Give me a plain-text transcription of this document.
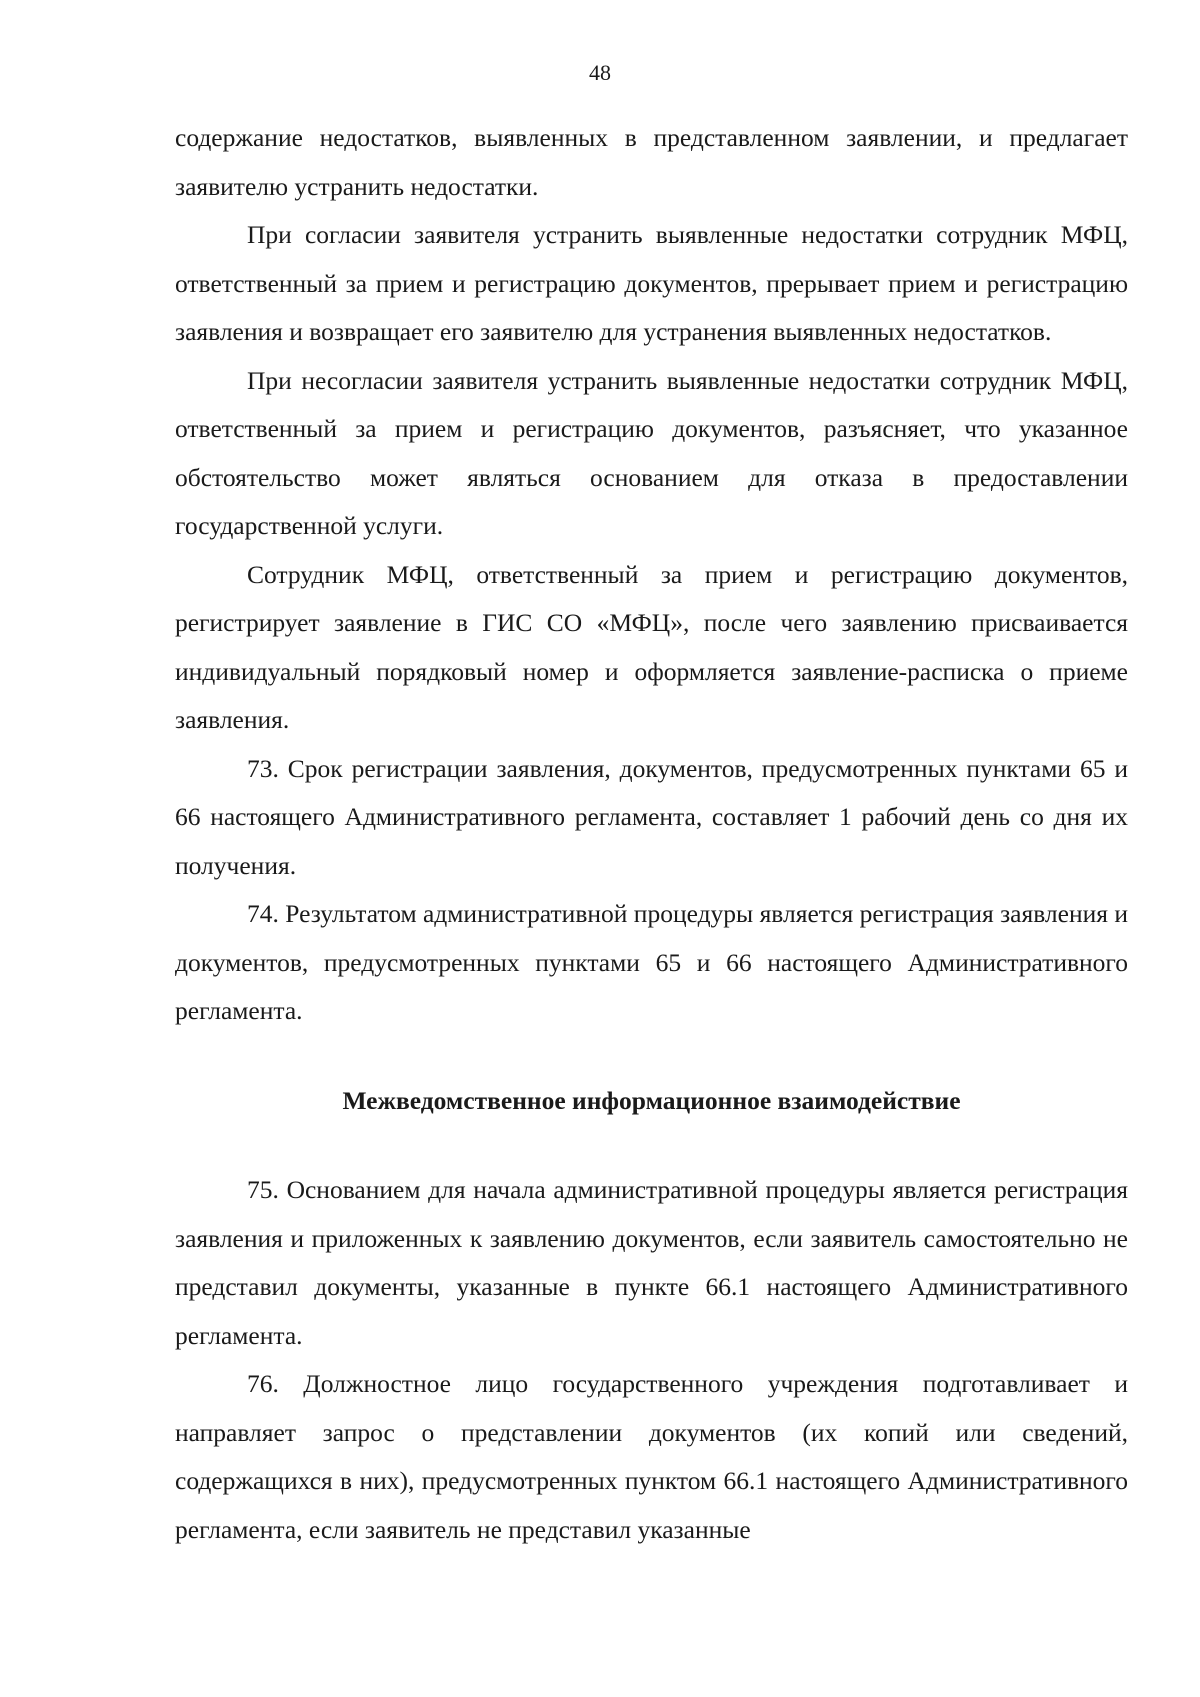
48

содержание недостатков, выявленных в представленном заявлении, и предлагает заявителю устранить недостатки.

При согласии заявителя устранить выявленные недостатки сотрудник МФЦ, ответственный за прием и регистрацию документов, прерывает прием и регистрацию заявления и возвращает его заявителю для устранения выявленных недостатков.

При несогласии заявителя устранить выявленные недостатки сотрудник МФЦ, ответственный за прием и регистрацию документов, разъясняет, что указанное обстоятельство может являться основанием для отказа в предоставлении государственной услуги.

Сотрудник МФЦ, ответственный за прием и регистрацию документов, регистрирует заявление в ГИС СО «МФЦ», после чего заявлению присваивается индивидуальный порядковый номер и оформляется заявление-расписка о приеме заявления.

73. Срок регистрации заявления, документов, предусмотренных пунктами 65 и 66 настоящего Административного регламента, составляет 1 рабочий день со дня их получения.

74. Результатом административной процедуры является регистрация заявления и документов, предусмотренных пунктами 65 и 66 настоящего Административного регламента.

Межведомственное информационное взаимодействие

75. Основанием для начала административной процедуры является регистрация заявления и приложенных к заявлению документов, если заявитель самостоятельно не представил документы, указанные в пункте 66.1 настоящего Административного регламента.

76. Должностное лицо государственного учреждения подготавливает и направляет запрос о представлении документов (их копий или сведений, содержащихся в них), предусмотренных пунктом 66.1 настоящего Административного регламента, если заявитель не представил указанные
